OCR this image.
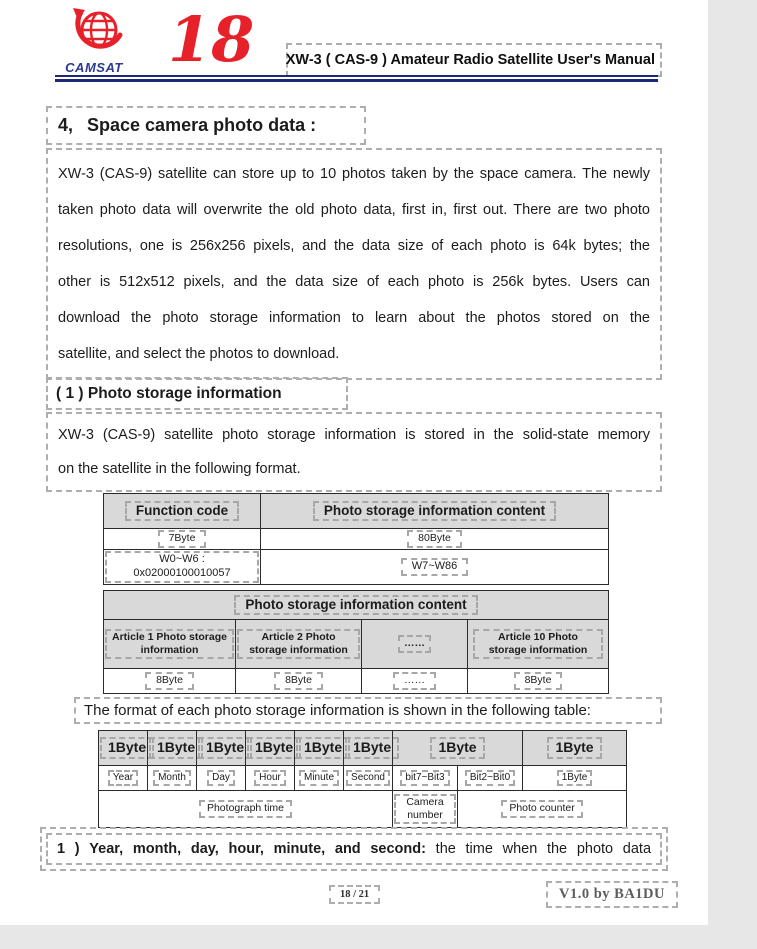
CAMSAT 18 XW-3 ( CAS-9 ) Amateur Radio Satellite User's Manual
4, Space camera photo data :
XW-3 (CAS-9) satellite can store up to 10 photos taken by the space camera. The newly
taken photo data will overwrite the old photo data, first in, first out. There are two photo
resolutions, one is 256x256 pixels, and the data size of each photo is 64k bytes; the
other is 512x512 pixels, and the data size of each photo is 256k bytes. Users can
download the photo storage information to learn about the photos stored on the
satellite, and select the photos to download.
( 1 ) Photo storage information
XW-3 (CAS-9) satellite photo storage information is stored in the solid-state memory
on the satellite in the following format.
Function code	Photo storage information content
7Byte	80Byte
W0~W6 : 0x02000100010057	W7~W86
Photo storage information content			
Article 1 Photo storage information	Article 2 Photo storage information	……	Article 10 Photo storage information
8Byte	8Byte	……	8Byte
The format of each photo storage information is shown in the following table:
1Byte	1Byte	1Byte	1Byte	1Byte	1Byte	1Byte		1Byte
Year	Month	Day	Hour	Minute	Second	bit7~Bit3	Bit2~Bit0	1Byte
Photograph time						Camera number	Photo counter	
1 ) Year, month, day, hour, minute, and second: the time when the photo data
18 / 21	V1.0 by BA1DU
